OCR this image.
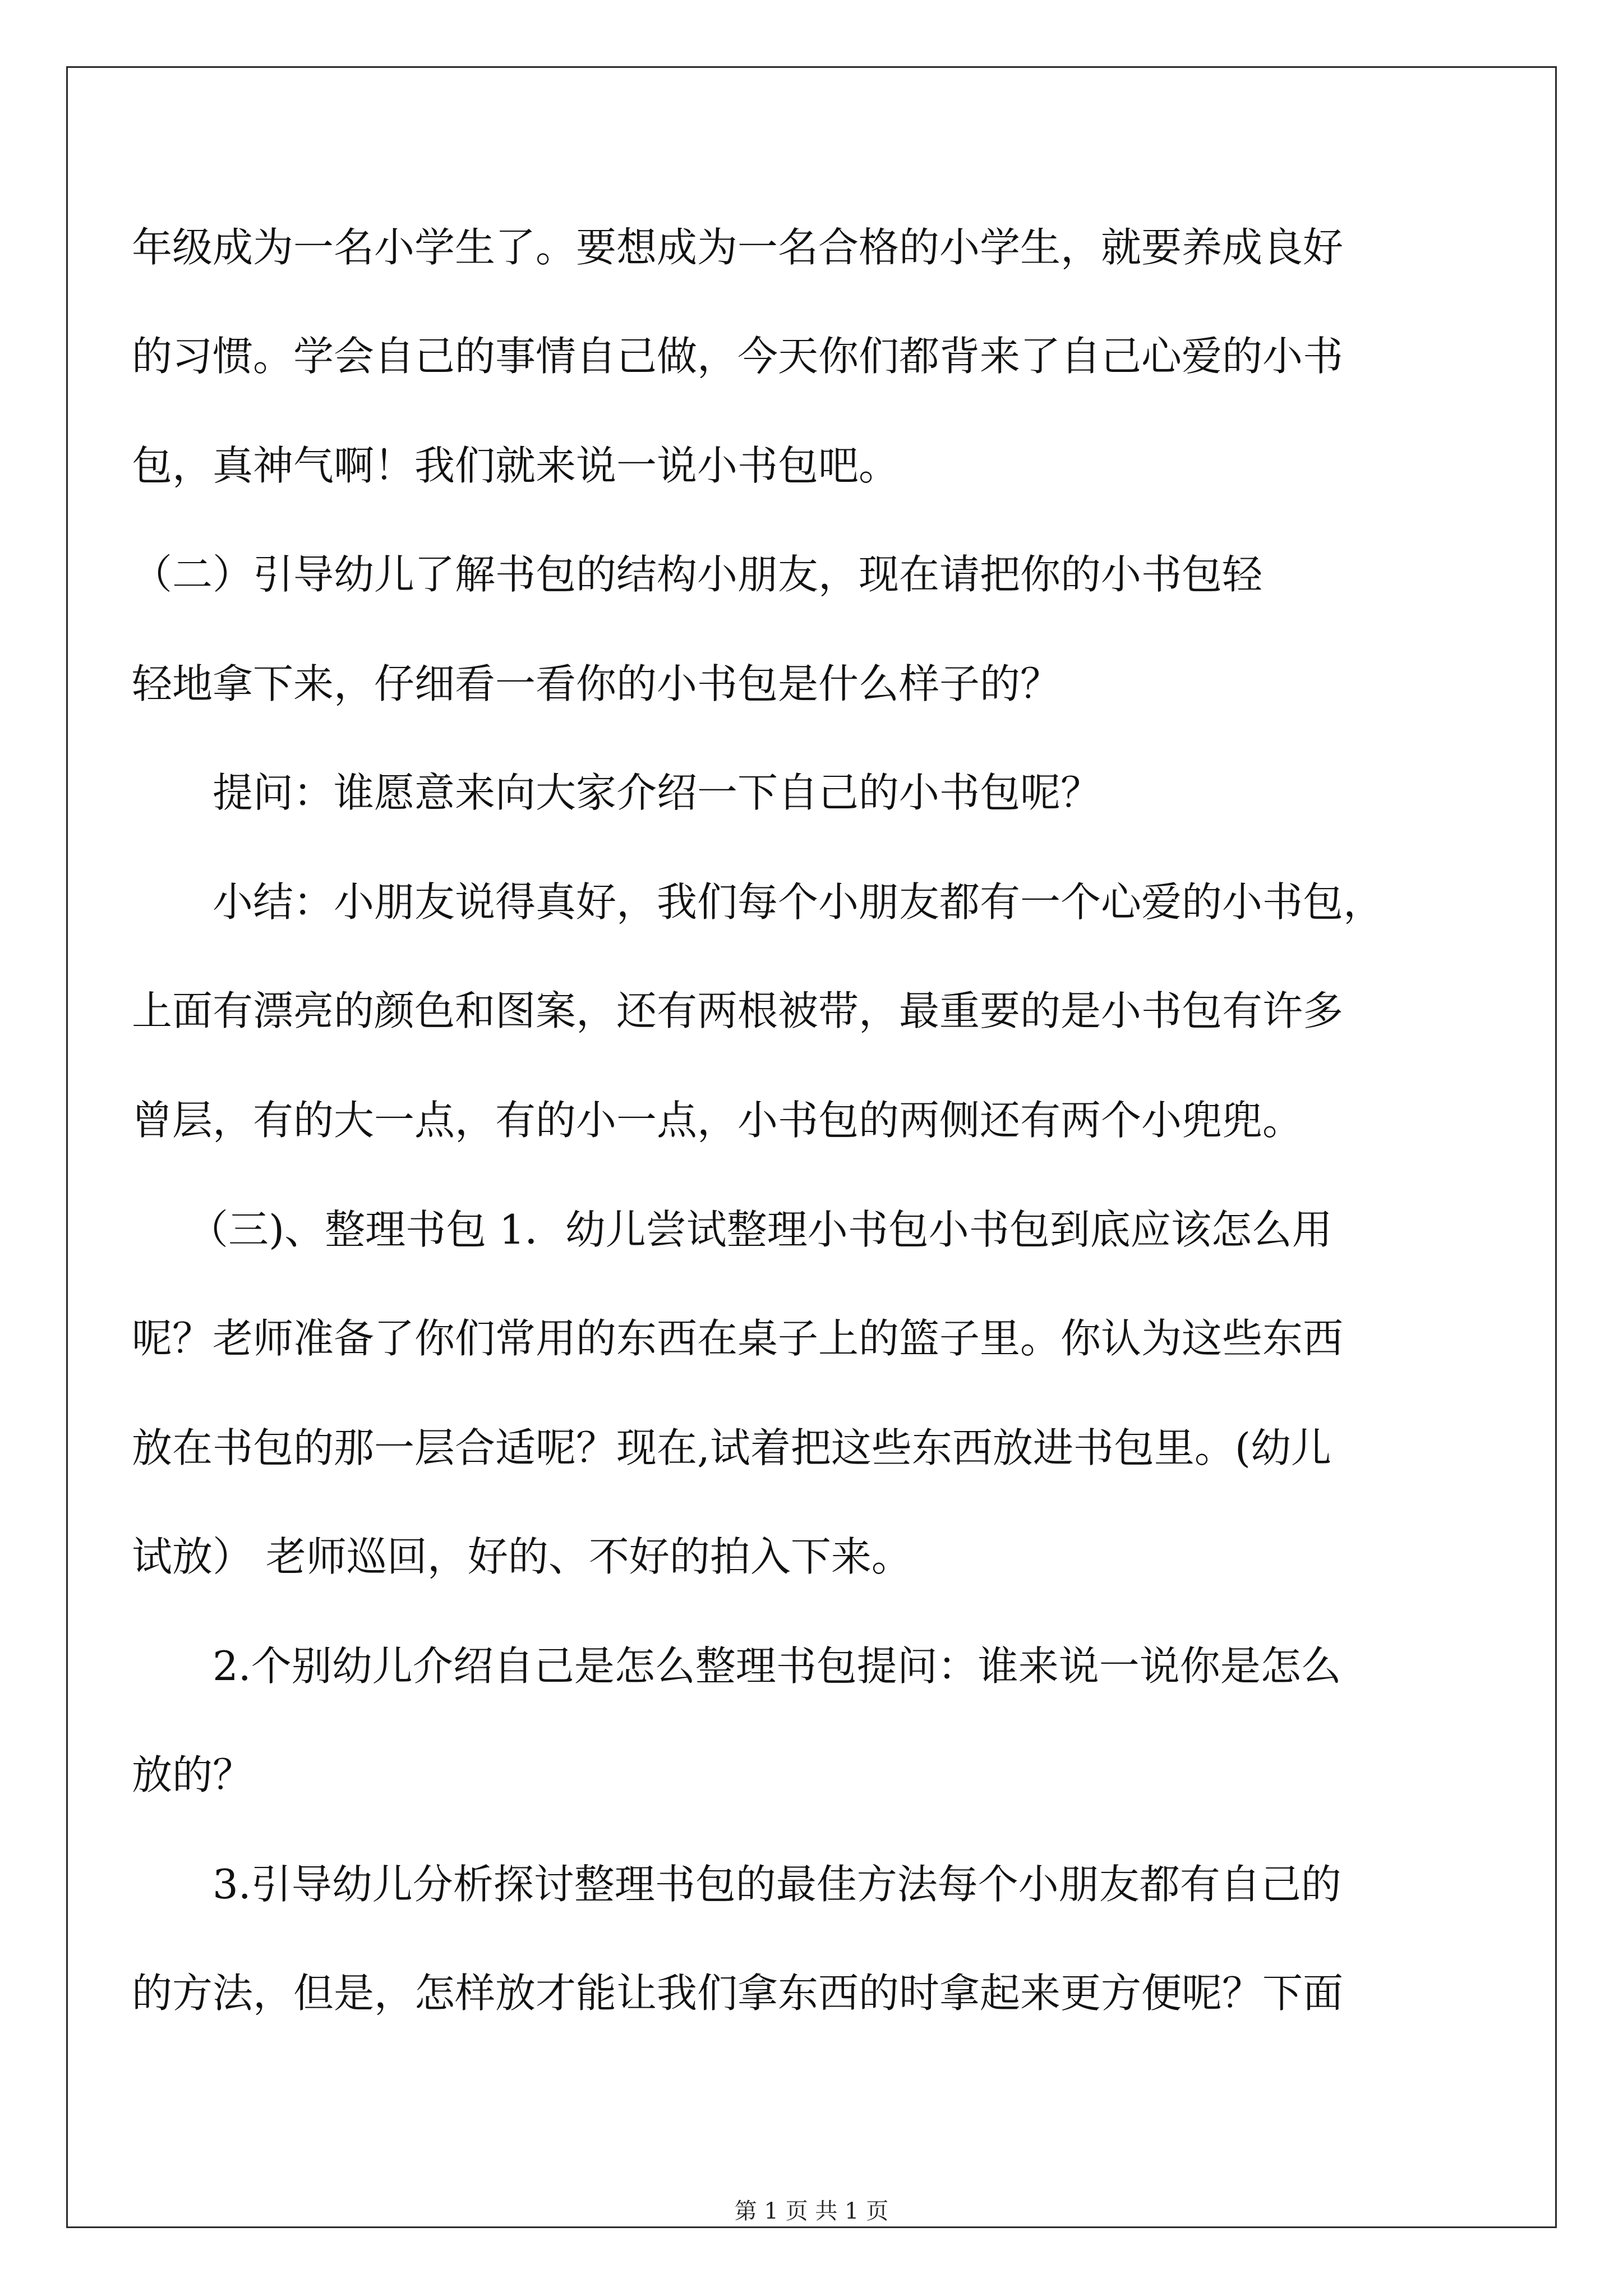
年级成为一名小学生了。要想成为一名合格的小学生，就要养成良好
的习惯。学会自己的事情自己做，今天你们都背来了自己心爱的小书
包，真神气啊！我们就来说一说小书包吧。
（二）引导幼儿了解书包的结构小朋友，现在请把你的小书包轻
轻地拿下来，仔细看一看你的小书包是什么样子的？
提问：谁愿意来向大家介绍一下自己的小书包呢？
小结：小朋友说得真好，我们每个小朋友都有一个心爱的小书包，
上面有漂亮的颜色和图案，还有两根被带，最重要的是小书包有许多
曾层，有的大一点，有的小一点，小书包的两侧还有两个小兜兜。
（三)、整理书包 1．幼儿尝试整理小书包小书包到底应该怎么用
呢？老师准备了你们常用的东西在桌子上的篮子里。你认为这些东西
放在书包的那一层合适呢？现在,试着把这些东西放进书包里。(幼儿
试放） 老师巡回，好的、不好的拍入下来。
2.个别幼儿介绍自己是怎么整理书包提问：谁来说一说你是怎么
放的？
3.引导幼儿分析探讨整理书包的最佳方法每个小朋友都有自己的
的方法，但是，怎样放才能让我们拿东西的时拿起来更方便呢？下面
第 1 页 共 1 页
